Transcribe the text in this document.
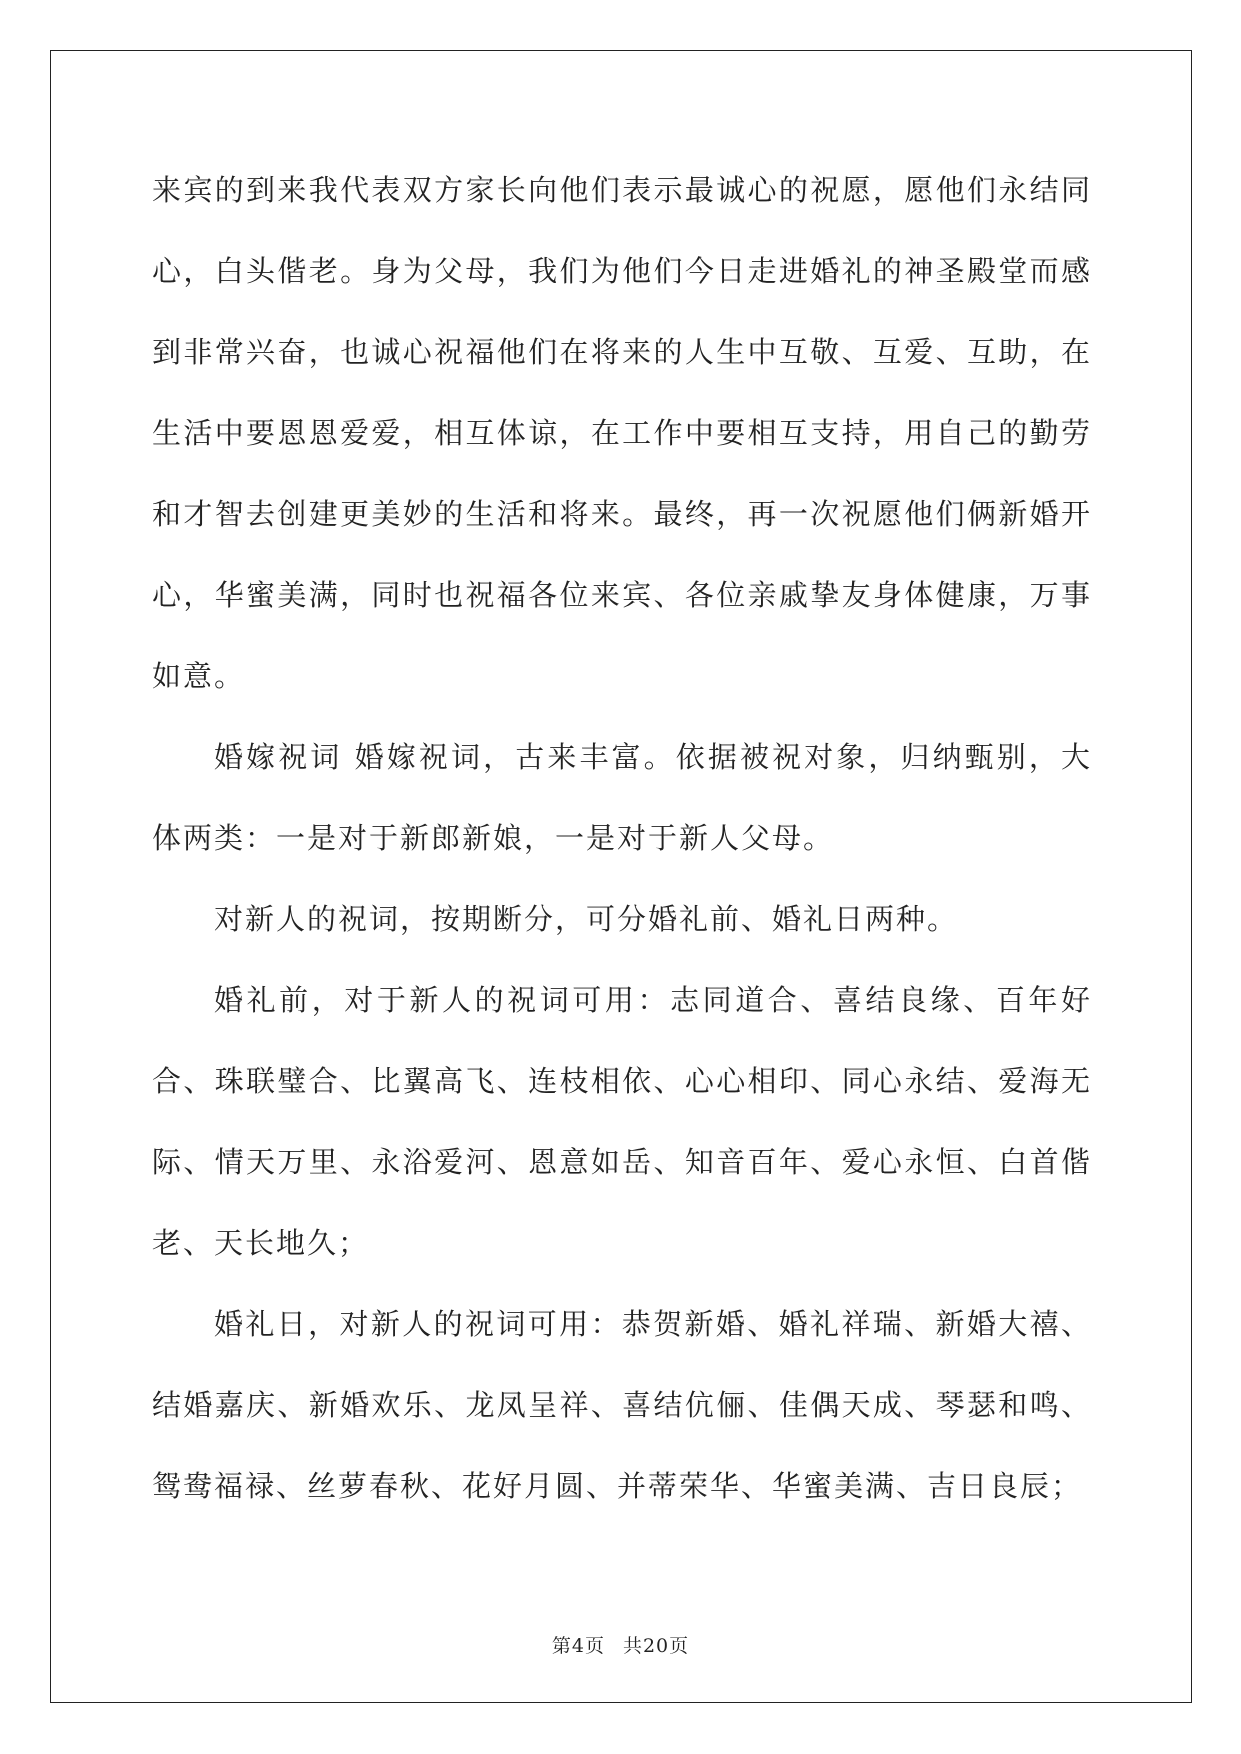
来宾的到来我代表双方家长向他们表示最诚心的祝愿，愿他们永结同心，白头偕老。身为父母，我们为他们今日走进婚礼的神圣殿堂而感到非常兴奋，也诚心祝福他们在将来的人生中互敬、互爱、互助，在生活中要恩恩爱爱，相互体谅，在工作中要相互支持，用自己的勤劳和才智去创建更美妙的生活和将来。最终，再一次祝愿他们俩新婚开心，华蜜美满，同时也祝福各位来宾、各位亲戚挚友身体健康，万事如意。

婚嫁祝词 婚嫁祝词，古来丰富。依据被祝对象，归纳甄别，大体两类：一是对于新郎新娘，一是对于新人父母。

对新人的祝词，按期断分，可分婚礼前、婚礼日两种。

婚礼前，对于新人的祝词可用：志同道合、喜结良缘、百年好合、珠联璧合、比翼高飞、连枝相依、心心相印、同心永结、爱海无际、情天万里、永浴爱河、恩意如岳、知音百年、爱心永恒、白首偕老、天长地久；

婚礼日，对新人的祝词可用：恭贺新婚、婚礼祥瑞、新婚大禧、结婚嘉庆、新婚欢乐、龙凤呈祥、喜结伉俪、佳偶天成、琴瑟和鸣、鸳鸯福禄、丝萝春秋、花好月圆、并蒂荣华、华蜜美满、吉日良辰；

第4页 共20页
